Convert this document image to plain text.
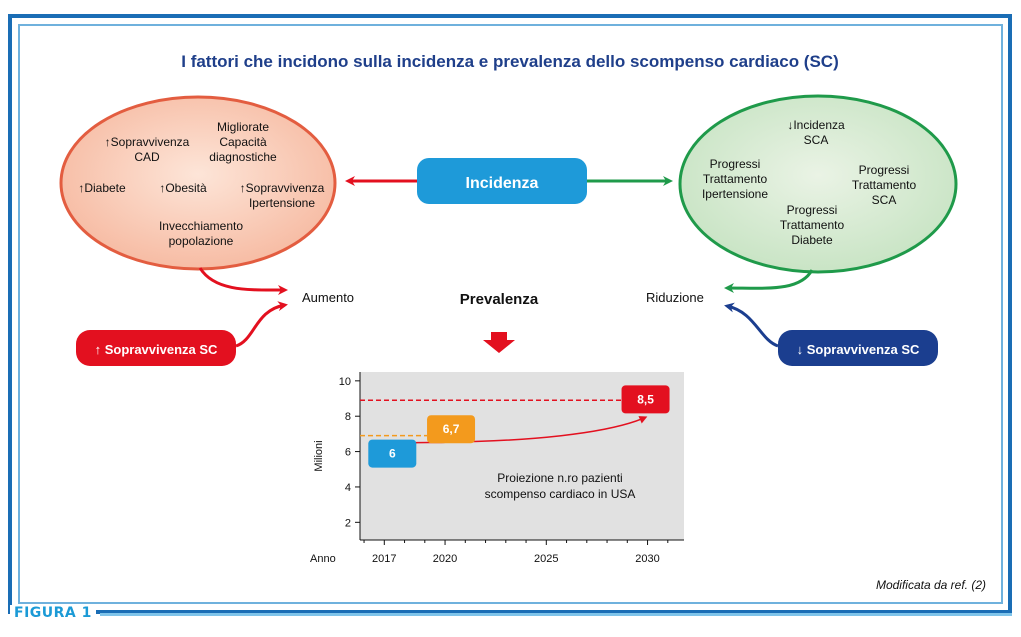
I fattori che incidono sulla incidenza e prevalenza dello scompenso cardiaco (SC)
↑Sopravvivenza CAD
Migliorate Capacità diagnostiche
↑Diabete	↑Obesità	↑Sopravvivenza Ipertensione
Invecchiamento popolazione
↓Incidenza SCA
Progressi Trattamento Ipertensione
Progressi Trattamento SCA
Progressi Trattamento Diabete
Incidenza
Aumento	Riduzione
Prevalenza
↑ Sopravvivenza SC	↓ Sopravvivenza SC
2
4
6
8
10
2017	2020	2025	2030
Milioni
Anno
6
6,7
8,5
Proiezione n.ro pazienti scompenso cardiaco in USA
Modificata da ref. (2)
FIGURA 1
